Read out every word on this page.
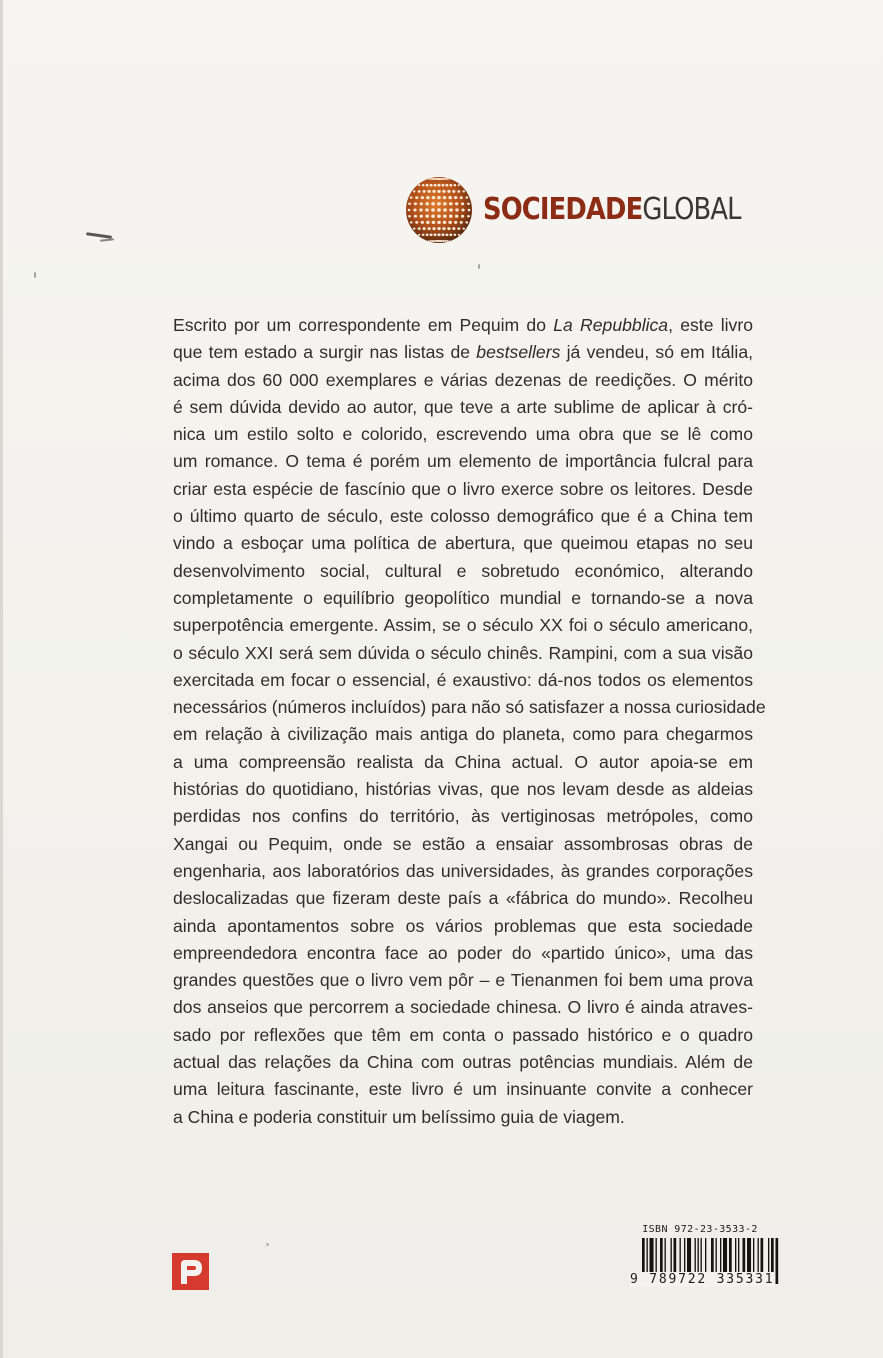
SOCIEDADEGLOBAL
Escrito por um correspondente em Pequim do La Repubblica, este livro
que tem estado a surgir nas listas de bestsellers já vendeu, só em Itália,
acima dos 60 000 exemplares e várias dezenas de reedições. O mérito
é sem dúvida devido ao autor, que teve a arte sublime de aplicar à cró-
nica um estilo solto e colorido, escrevendo uma obra que se lê como
um romance. O tema é porém um elemento de importância fulcral para
criar esta espécie de fascínio que o livro exerce sobre os leitores. Desde
o último quarto de século, este colosso demográfico que é a China tem
vindo a esboçar uma política de abertura, que queimou etapas no seu
desenvolvimento social, cultural e sobretudo económico, alterando
completamente o equilíbrio geopolítico mundial e tornando-se a nova
superpotência emergente. Assim, se o século XX foi o século americano,
o século XXI será sem dúvida o século chinês. Rampini, com a sua visão
exercitada em focar o essencial, é exaustivo: dá-nos todos os elementos
necessários (números incluídos) para não só satisfazer a nossa curiosidade
em relação à civilização mais antiga do planeta, como para chegarmos
a uma compreensão realista da China actual. O autor apoia-se em
histórias do quotidiano, histórias vivas, que nos levam desde as aldeias
perdidas nos confins do território, às vertiginosas metrópoles, como
Xangai ou Pequim, onde se estão a ensaiar assombrosas obras de
engenharia, aos laboratórios das universidades, às grandes corporações
deslocalizadas que fizeram deste país a «fábrica do mundo». Recolheu
ainda apontamentos sobre os vários problemas que esta sociedade
empreendedora encontra face ao poder do «partido único», uma das
grandes questões que o livro vem pôr – e Tienanmen foi bem uma prova
dos anseios que percorrem a sociedade chinesa. O livro é ainda atraves-
sado por reflexões que têm em conta o passado histórico e o quadro
actual das relações da China com outras potências mundiais. Além de
uma leitura fascinante, este livro é um insinuante convite a conhecer
a China e poderia constituir um belíssimo guia de viagem.
ISBN 972-23-3533-2
9 789722 335331
